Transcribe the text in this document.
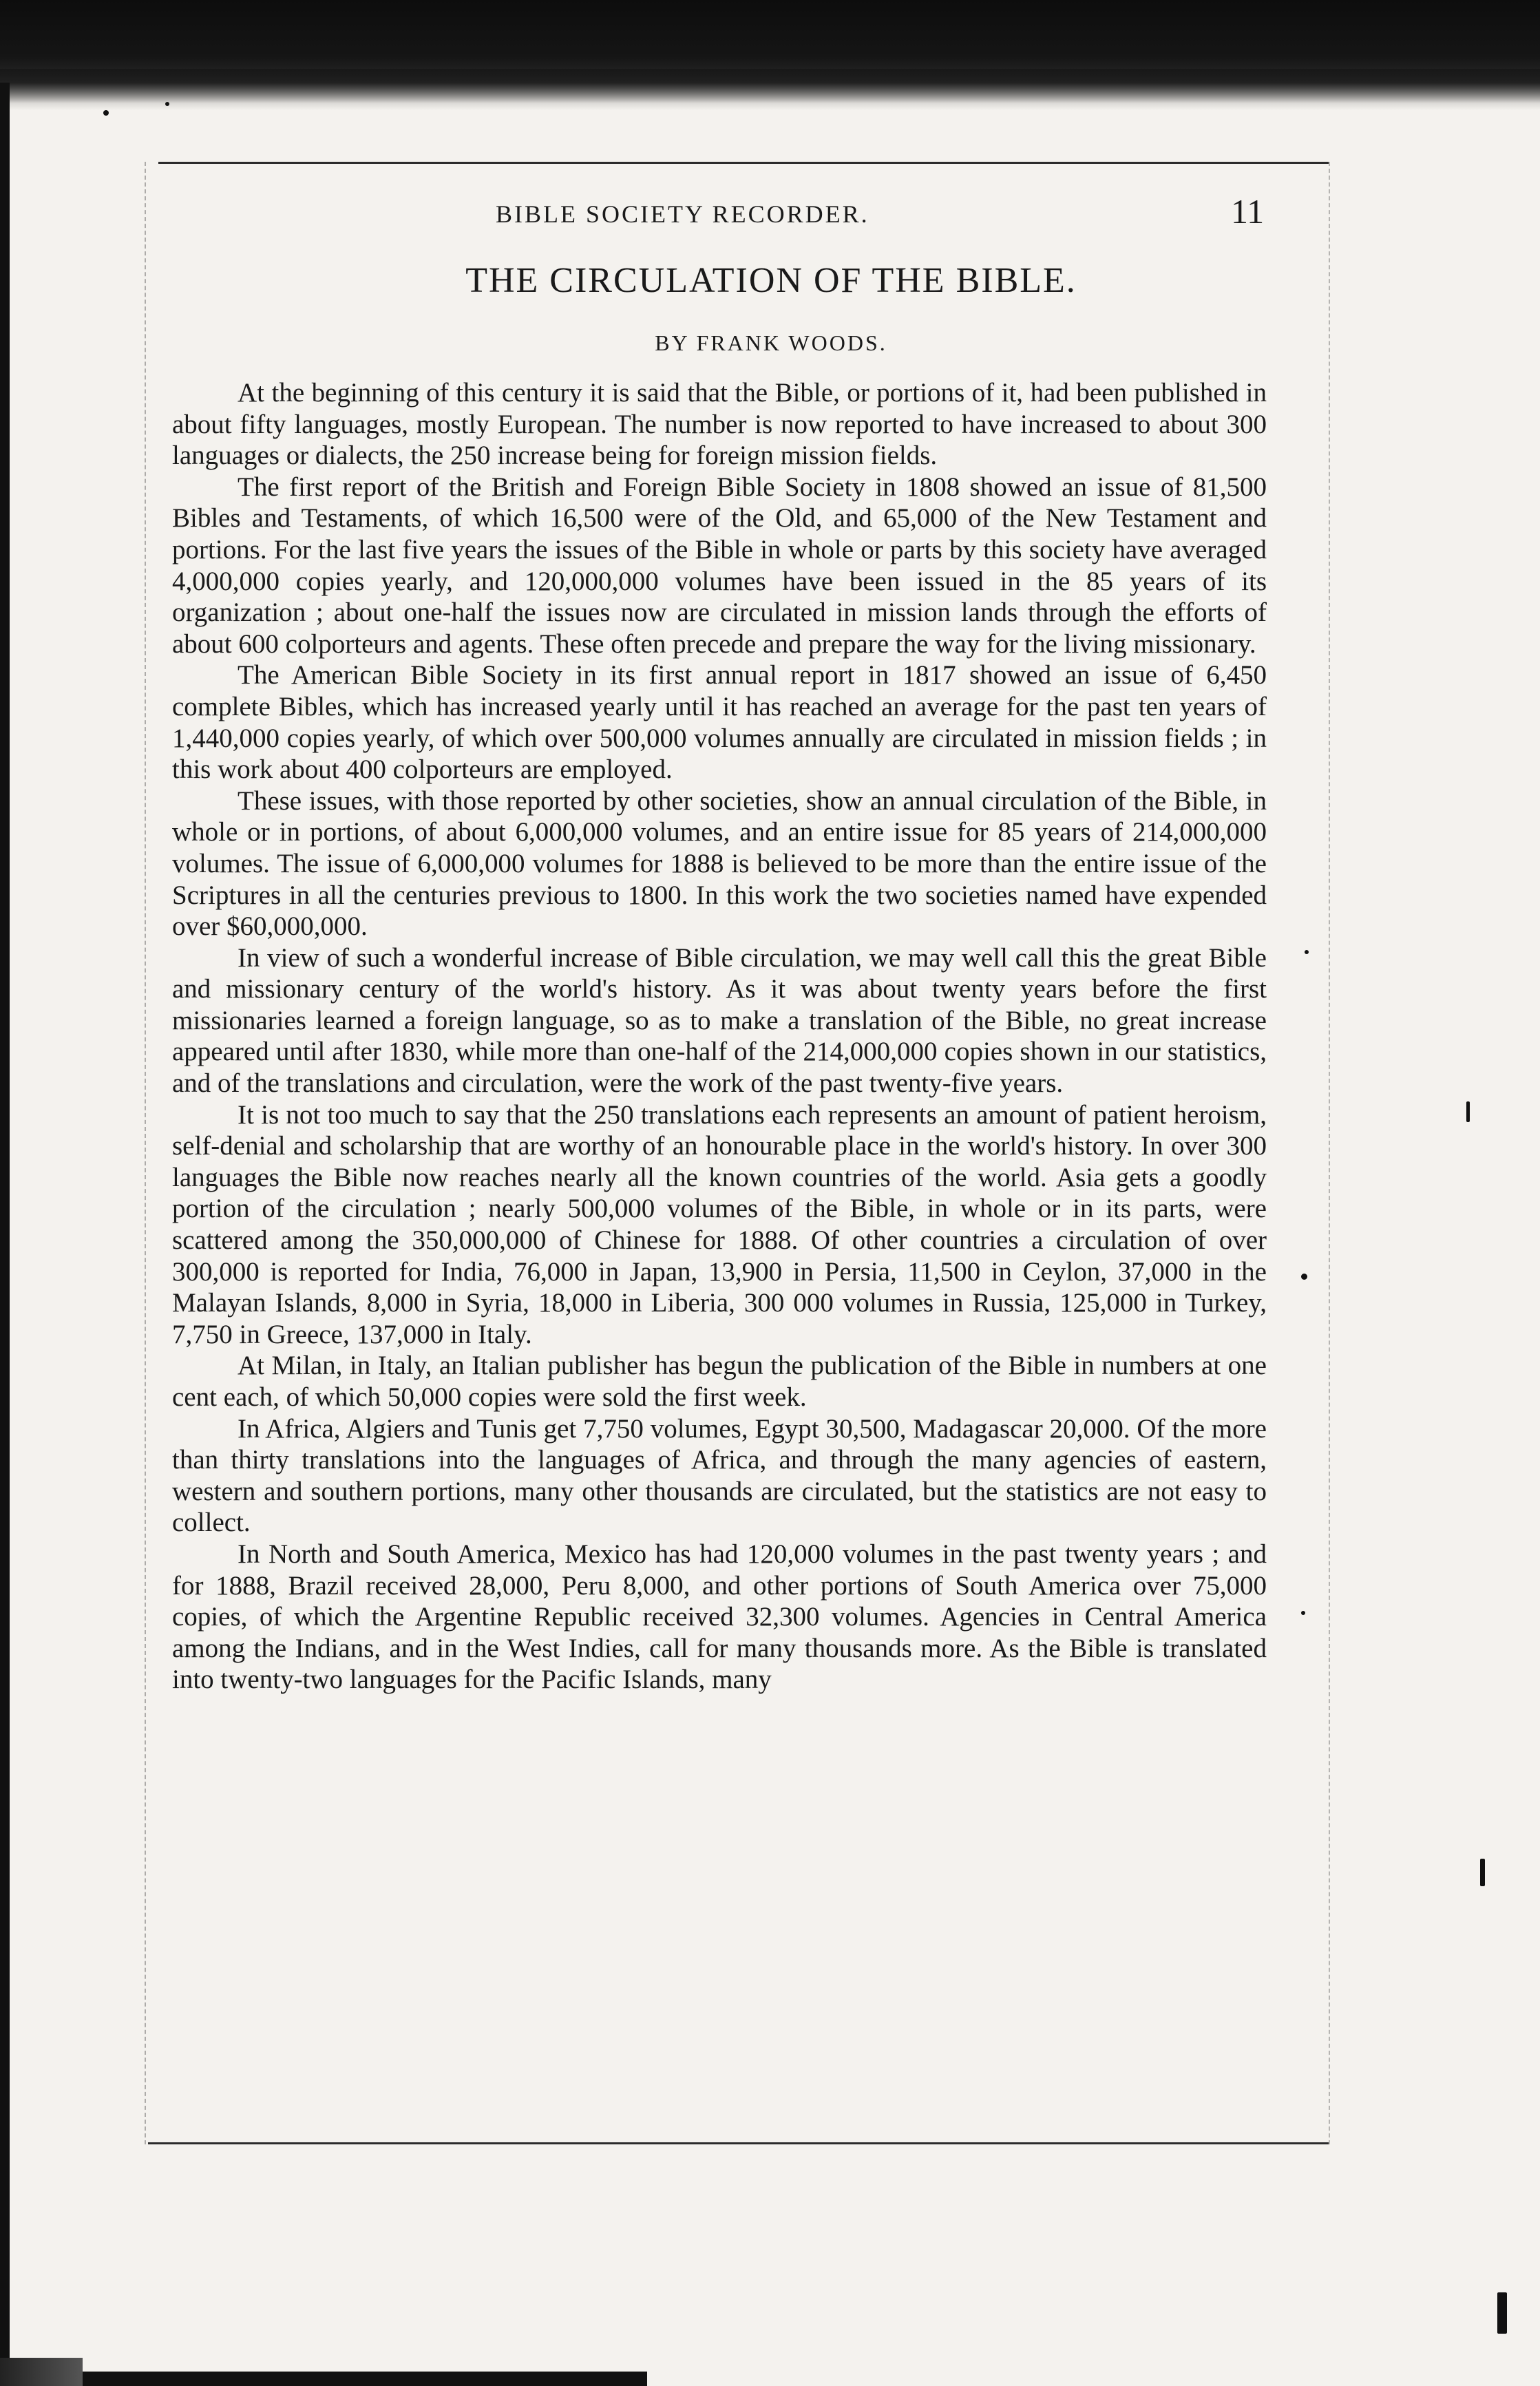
BIBLE SOCIETY RECORDER.	11
THE CIRCULATION OF THE BIBLE.
BY FRANK WOODS.

At the beginning of this century it is said that the Bible, or portions of it, had been published in about fifty languages, mostly European. The number is now reported to have increased to about 300 languages or dialects, the 250 increase being for foreign mission fields.

The first report of the British and Foreign Bible Society in 1808 showed an issue of 81,500 Bibles and Testaments, of which 16,500 were of the Old, and 65,000 of the New Testament and portions. For the last five years the issues of the Bible in whole or parts by this society have averaged 4,000,000 copies yearly, and 120,000,000 volumes have been issued in the 85 years of its organization ; about one-half the issues now are circulated in mission lands through the efforts of about 600 colporteurs and agents. These often precede and prepare the way for the living missionary.

The American Bible Society in its first annual report in 1817 showed an issue of 6,450 complete Bibles, which has increased yearly until it has reached an average for the past ten years of 1,440,000 copies yearly, of which over 500,000 volumes annually are circulated in mission fields ; in this work about 400 colporteurs are employed.

These issues, with those reported by other societies, show an annual circulation of the Bible, in whole or in portions, of about 6,000,000 volumes, and an entire issue for 85 years of 214,000,000 volumes. The issue of 6,000,000 volumes for 1888 is believed to be more than the entire issue of the Scriptures in all the centuries previous to 1800. In this work the two societies named have expended over $60,000,000.

In view of such a wonderful increase of Bible circulation, we may well call this the great Bible and missionary century of the world's history. As it was about twenty years before the first missionaries learned a foreign language, so as to make a translation of the Bible, no great increase appeared until after 1830, while more than one-half of the 214,000,000 copies shown in our statistics, and of the translations and circulation, were the work of the past twenty-five years.

It is not too much to say that the 250 translations each represents an amount of patient heroism, self-denial and scholarship that are worthy of an honourable place in the world's history. In over 300 languages the Bible now reaches nearly all the known countries of the world. Asia gets a goodly portion of the circulation ; nearly 500,000 volumes of the Bible, in whole or in its parts, were scattered among the 350,000,000 of Chinese for 1888. Of other countries a circulation of over 300,000 is reported for India, 76,000 in Japan, 13,900 in Persia, 11,500 in Ceylon, 37,000 in the Malayan Islands, 8,000 in Syria, 18,000 in Liberia, 300 000 volumes in Russia, 125,000 in Turkey, 7,750 in Greece, 137,000 in Italy.

At Milan, in Italy, an Italian publisher has begun the publication of the Bible in numbers at one cent each, of which 50,000 copies were sold the first week.

In Africa, Algiers and Tunis get 7,750 volumes, Egypt 30,500, Madagascar 20,000. Of the more than thirty translations into the languages of Africa, and through the many agencies of eastern, western and southern portions, many other thousands are circulated, but the statistics are not easy to collect.

In North and South America, Mexico has had 120,000 volumes in the past twenty years ; and for 1888, Brazil received 28,000, Peru 8,000, and other portions of South America over 75,000 copies, of which the Argentine Republic received 32,300 volumes. Agencies in Central America among the Indians, and in the West Indies, call for many thousands more. As the Bible is translated into twenty-two languages for the Pacific Islands, many
